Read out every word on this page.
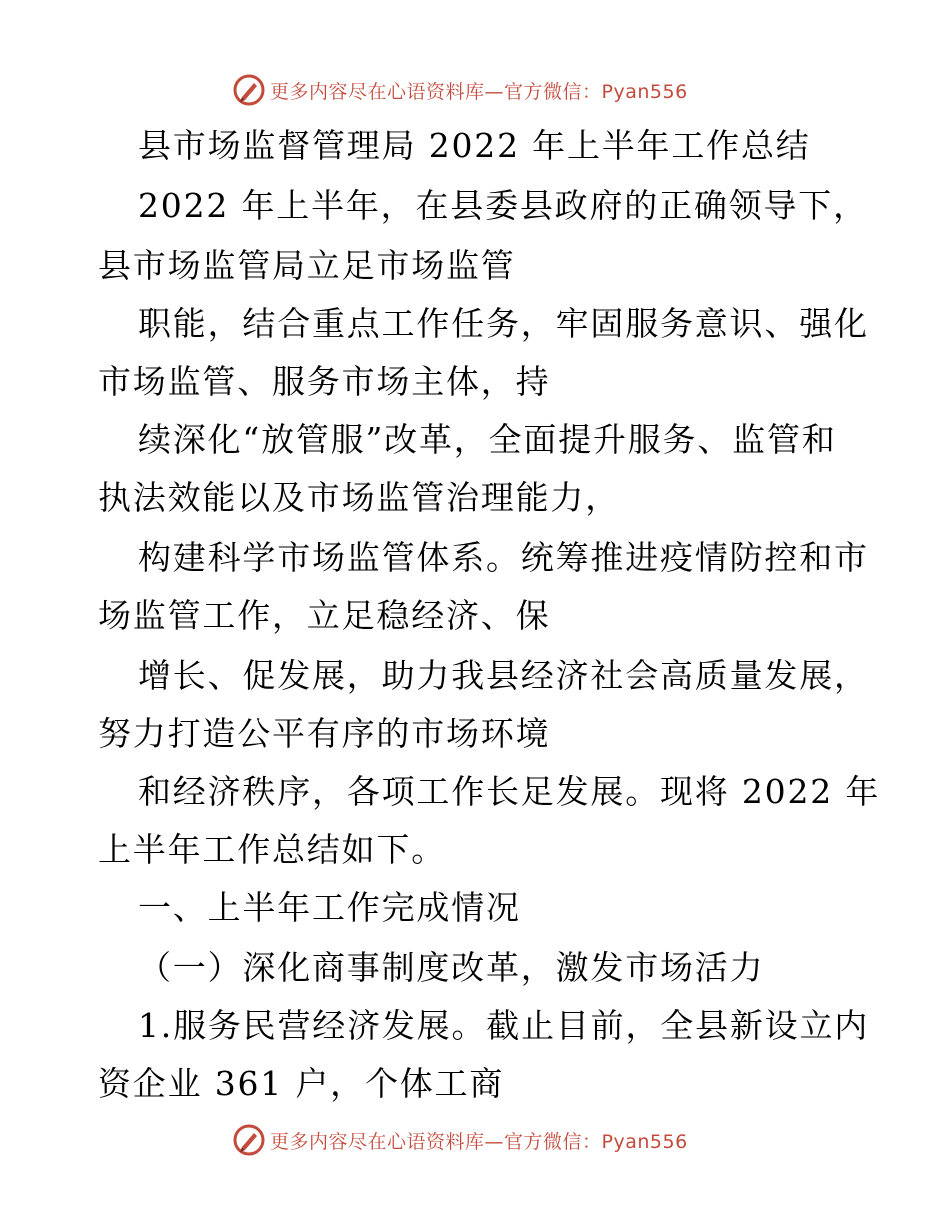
更多内容尽在心语资料库—官方微信：Pyan556
县市场监督管理局 2022 年上半年工作总结
2022 年上半年，在县委县政府的正确领导下，
县市场监管局立足市场监管
职能，结合重点工作任务，牢固服务意识、强化
市场监管、服务市场主体，持
续深化“放管服”改革，全面提升服务、监管和
执法效能以及市场监管治理能力，
构建科学市场监管体系。统筹推进疫情防控和市
场监管工作，立足稳经济、保
增长、促发展，助力我县经济社会高质量发展，
努力打造公平有序的市场环境
和经济秩序，各项工作长足发展。现将 2022 年
上半年工作总结如下。
一、上半年工作完成情况
（一）深化商事制度改革，激发市场活力
1.服务民营经济发展。截止目前，全县新设立内
资企业 361 户，个体工商
更多内容尽在心语资料库—官方微信：Pyan556
